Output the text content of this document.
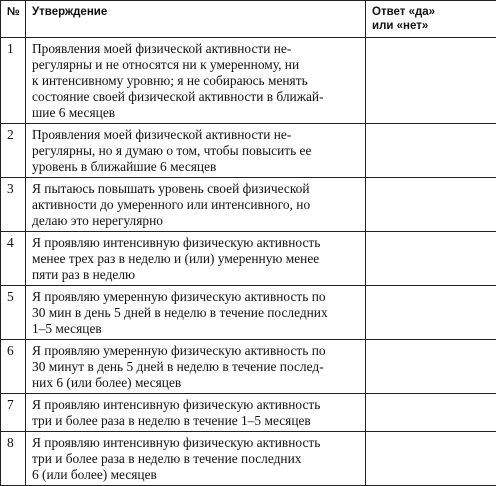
№	Утверждение	Ответ «да»
или «нет»

1	Проявления моей физической активности не-
регулярны и не относятся ни к умеренному, ни
к интенсивному уровню; я не собираюсь менять
состояние своей физической активности в ближай-
шие 6 месяцев	

2	Проявления моей физической активности не-
регулярны, но я думаю о том, чтобы повысить ее
уровень в ближайшие 6 месяцев	

3	Я пытаюсь повышать уровень своей физической
активности до умеренного или интенсивного, но
делаю это нерегулярно	

4	Я проявляю интенсивную физическую активность
менее трех раз в неделю и (или) умеренную менее
пяти раз в неделю	

5	Я проявляю умеренную физическую активность по
30 мин в день 5 дней в неделю в течение последних
1–5 месяцев	

6	Я проявляю умеренную физическую активность по
30 минут в день 5 дней в неделю в течение послед-
них 6 (или более) месяцев	

7	Я проявляю интенсивную физическую активность
три и более раза в неделю в течение 1–5 месяцев	

8	Я проявляю интенсивную физическую активность
три и более раза в неделю в течение последних
6 (или более) месяцев	
